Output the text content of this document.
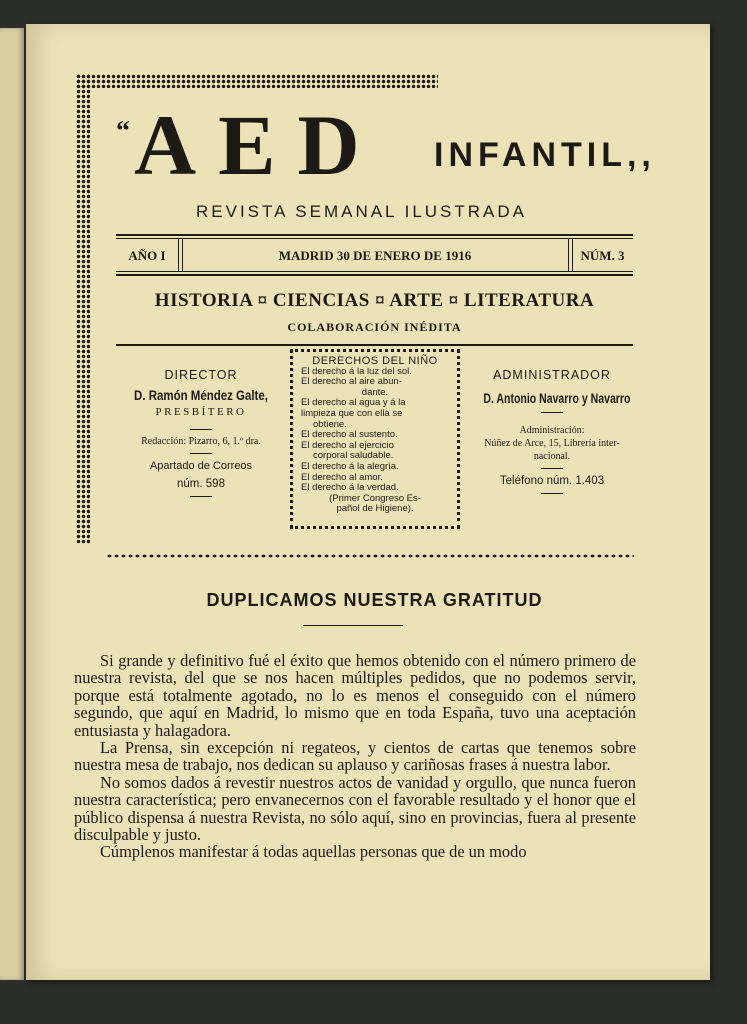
“ AED INFANTIL,,
REVISTA SEMANAL ILUSTRADA
AÑO I	MADRID 30 DE ENERO DE 1916	NÚM. 3
HISTORIA ¤ CIENCIAS ¤ ARTE ¤ LITERATURA
COLABORACIÓN INÉDITA
DIRECTOR
D. Ramón Méndez Galte,
PRESBÍTERO
Redacción: Pizarro, 6, 1.º dra.
Apartado de Correos
núm. 598
DERECHOS DEL NIÑO
El derecho á la luz del sol.
El derecho al aire abun-
dante.
El derecho al agua y á la
limpieza que con ella se
obtiene.
El derecho al sustento.
El derecho al ejercicio
corporal saludable.
El derecho á la alegría.
El derecho al amor.
El derecho á la verdad.
(Primer Congreso Es-
pañol de Higiene).
ADMINISTRADOR
D. Antonio Navarro y Navarro
Administración:
Núñez de Arce, 15, Librería inter-
nacional.
Teléfono núm. 1.403
DUPLICAMOS NUESTRA GRATITUD

Si grande y definitivo fué el éxito que hemos obtenido con el número primero de nuestra revista, del que se nos hacen múltiples pedidos, que no podemos servir, porque está totalmente agotado, no lo es menos el conseguido con el número segundo, que aquí en Madrid, lo mismo que en toda España, tuvo una aceptación entusiasta y halagadora.

La Prensa, sin excepción ni regateos, y cientos de cartas que tenemos sobre nuestra mesa de trabajo, nos dedican su aplauso y cariñosas frases á nuestra labor.

No somos dados á revestir nuestros actos de vanidad y orgullo, que nunca fueron nuestra característica; pero envanecernos con el favorable resultado y el honor que el público dispensa á nuestra Revista, no sólo aquí, sino en provincias, fuera al presente disculpable y justo.

Cúmplenos manifestar á todas aquellas personas que de un modo
